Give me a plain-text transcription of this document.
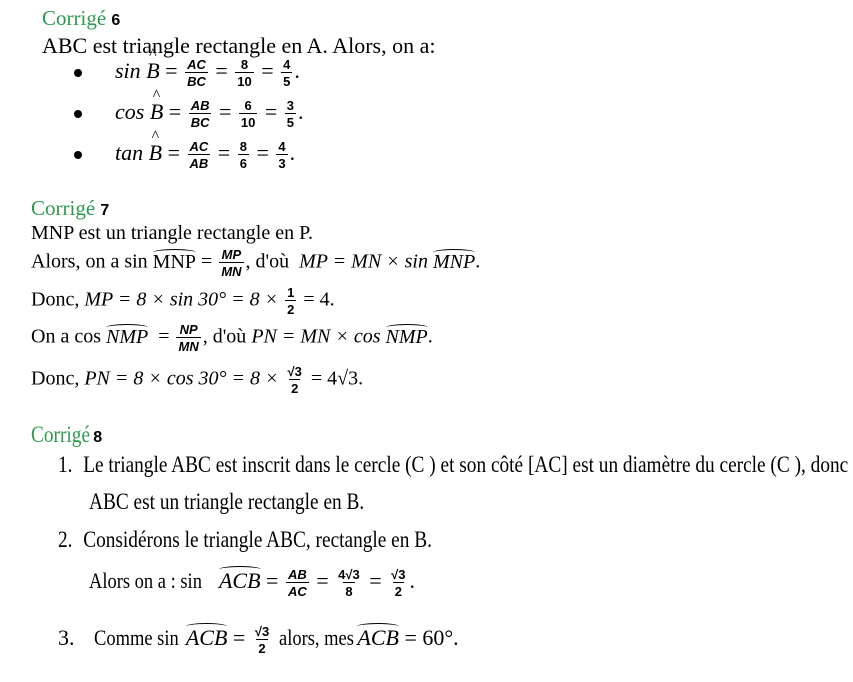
Corrigé 6
ABC est triangle rectangle en A. Alors, on a:
sin ^ $B = \frac{AC}{BC} = \frac{8}{10} = \frac{4}{5}$ .
cos ^ $B = \frac{AB}{BC} = \frac{6}{10} = \frac{3}{5}$ .
tan ^ $B = \frac{AC}{AB} = \frac{8}{6} = \frac{4}{3}$ .
Corrigé 7
MNP est un triangle rectangle en P.
Alors, on a sin MNP = $\frac{MP}{MN}$ , d'où MP = MN × sin MNP.
Donc, MP = $8 \times \sin 30^\circ = 8 \times \frac{1}{2} = 4$.
On a cos NMP = $\frac{NP}{MN}$ , d'où PN = MN × cos NMP.
Donc, PN = $8 \times \cos 30^\circ = 8 \times \frac{√3}{2} = 4√3$.
Corrigé 8
1. Le triangle ABC est inscrit dans le cercle (C ) et son côté [AC] est un diamètre du cercle (C ), donc
ABC est un triangle rectangle en B.
2. Considérons le triangle ABC, rectangle en B.
Alors on a : sin ACB = $\frac{AB}{AC} = \frac{4√3}{8} = \frac{√3}{2}$ .
3. Comme sin ACB = $\frac{√3}{2}$ alors, mes ACB = 60°.
